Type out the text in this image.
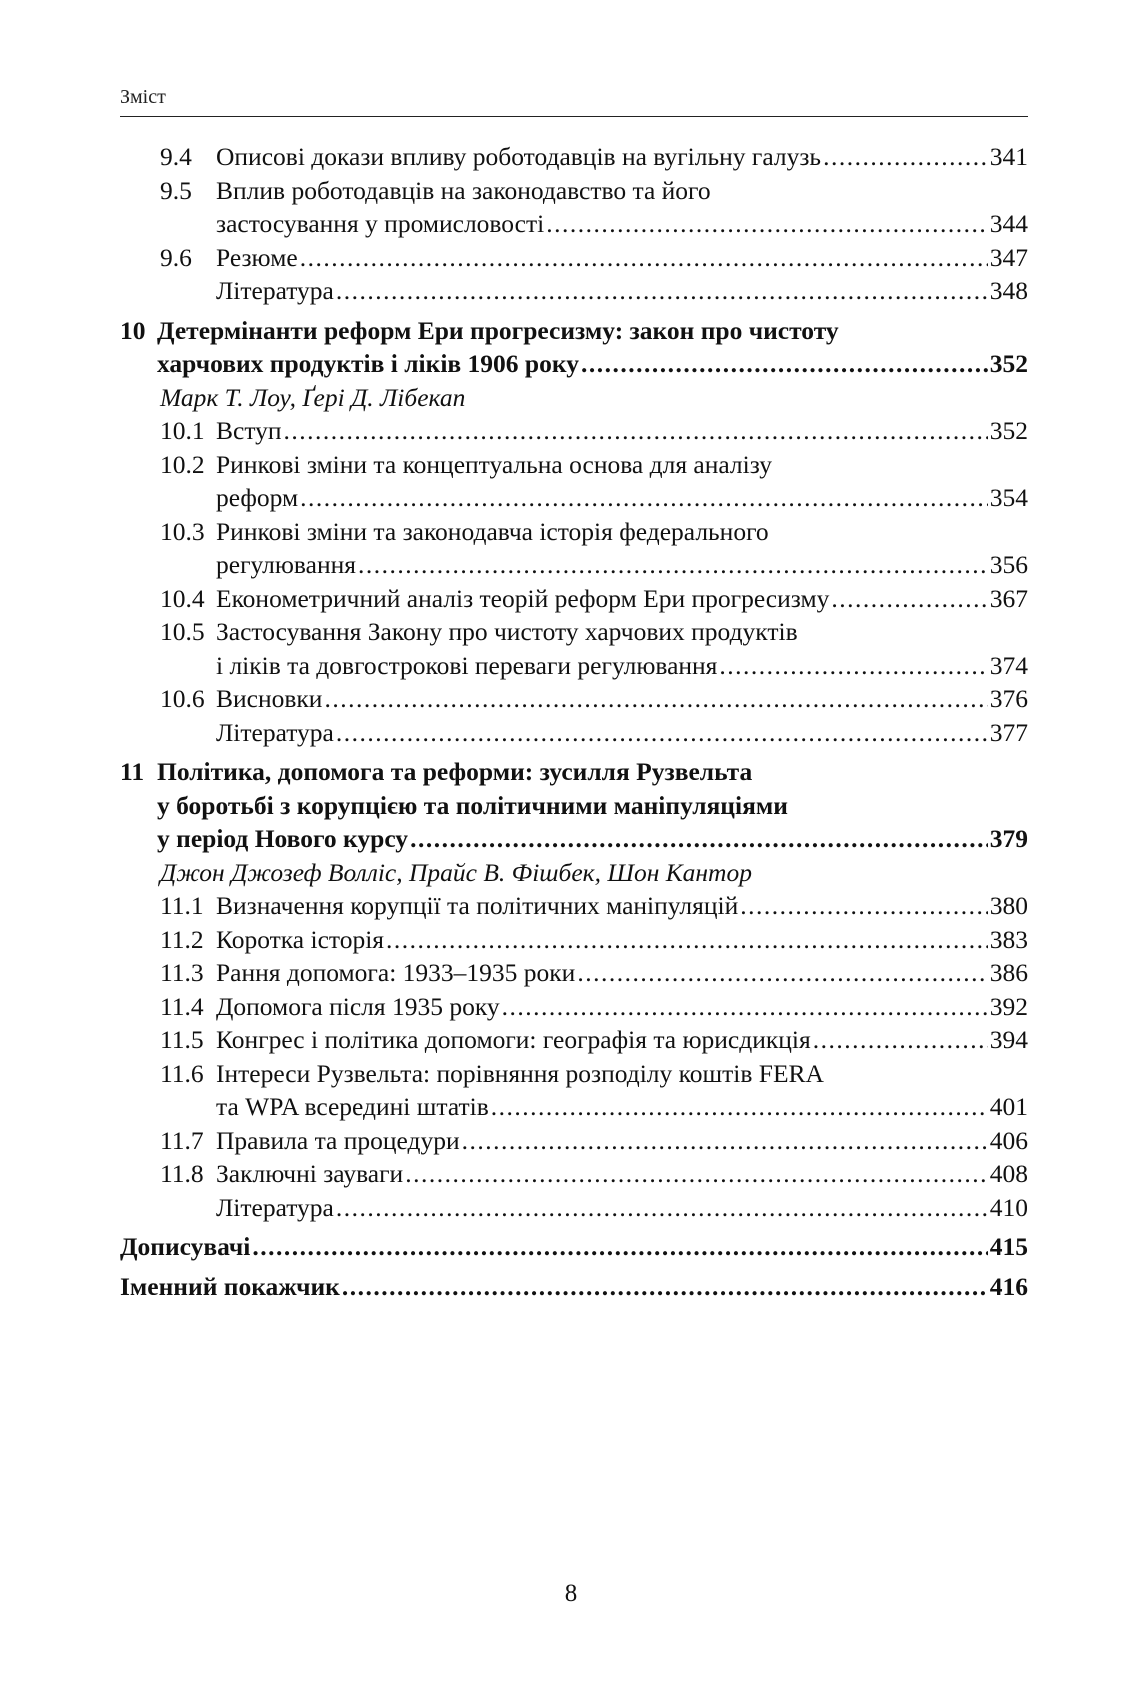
Зміст
9.4 Описові докази впливу роботодавців на вугільну галузь .....	341
9.5 Вплив роботодавців на законодавство та його
застосування у промисловості .....	344
9.6 Резюме .....	347
Література .....	348
10 Детермінанти реформ Ери прогресизму: закон про чистоту
харчових продуктів і ліків 1906 року .....	352
Марк Т. Лоу, Ґері Д. Лібекап
10.1 Вступ .....	352
10.2 Ринкові зміни та концептуальна основа для аналізу
реформ .....	354
10.3 Ринкові зміни та законодавча історія федерального
регулювання .....	356
10.4 Економетричний аналіз теорій реформ Ери прогресизму .....	367
10.5 Застосування Закону про чистоту харчових продуктів
і ліків та довгострокові переваги регулювання .....	374
10.6 Висновки .....	376
Література .....	377
11 Політика, допомога та реформи: зусилля Рузвельта
у боротьбі з корупцією та політичними маніпуляціями
у період Нового курсу .....	379
Джон Джозеф Волліс, Прайс В. Фішбек, Шон Кантор
11.1 Визначення корупції та політичних маніпуляцій .....	380
11.2 Коротка історія .....	383
11.3 Рання допомога: 1933–1935 роки .....	386
11.4 Допомога після 1935 року .....	392
11.5 Конгрес і політика допомоги: географія та юрисдикція .....	394
11.6 Інтереси Рузвельта: порівняння розподілу коштів FERA
та WPA всередині штатів .....	401
11.7 Правила та процедури .....	406
11.8 Заключні зауваги .....	408
Література .....	410
Дописувачі .....	415
Іменний покажчик .....	416
8
